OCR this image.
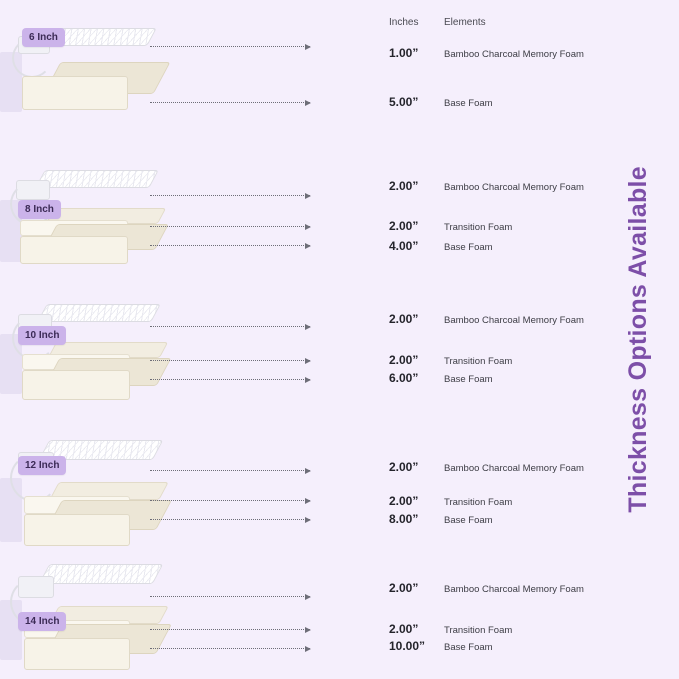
Inches	Elements
Thickness Options Available
6 Inch
1.00”	Bamboo Charcoal Memory Foam
5.00”	Base Foam
8 Inch
2.00”	Bamboo Charcoal Memory Foam
2.00”	Transition Foam
4.00”	Base Foam
10 Inch
2.00”	Bamboo Charcoal Memory Foam
2.00”	Transition Foam
6.00”	Base Foam
12 Inch	2.00”	Bamboo Charcoal Memory Foam
2.00”	Transition Foam
8.00”	Base Foam
14 Inch
2.00”	Bamboo Charcoal Memory Foam
2.00”	Transition Foam
10.00” Base Foam
